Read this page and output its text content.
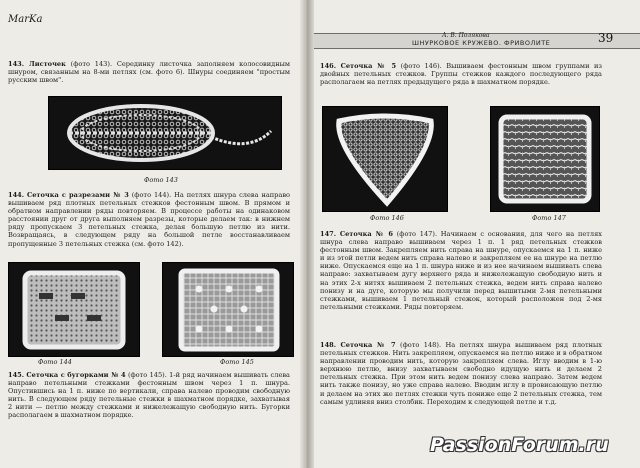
MarKa

143. Листочек (фото 143). Серединку листочка заполняем колосовидным шнуром, связанным на 8-ми петлях (см. фото 6). Шнуры соединяем "простым русским швом".

Фото 143

144. Сеточка с разрезами № 3 (фото 144). На петлях шнура слева направо вышиваем ряд плотных петельных стежков фестонным швом. В прямом и обратном направлении ряды повторяем. В процессе работы на одинаковом расстоянии друг от друга выполняем разрезы, которые делаем так: в нижнем ряду пропускаем 3 петельных стежка, делая большую петлю из нити. Возвращаясь, в следующем ряду на большой петле восстанавливаем пропущенные 3 петельных стежка (см. фото 142).

Фото 144	Фото 145

145. Сеточка с бугорками № 4 (фото 145). 1-й ряд начинаем вышивать слева направо петельными стежками фестонным швом через 1 п. шнура. Опустившись на 1 п. ниже по вертикали, справа налево проводим свободную нить. В следующем ряду петельные стежки в шахматном порядке, захватывая 2 нити — петлю между стежками и нижележащую свободную нить. Бугорки располагаем в шахматном порядке.

А. В. Полякова
ШНУРКОВОЕ КРУЖЕВО. ФРИВОЛИТЕ	39

146. Сеточка № 5 (фото 146). Вышиваем фестонным швом группами из двойных петельных стежков. Группы стежков каждого последующего ряда располагаем на петлях предыдущего ряда в шахматном порядке.

Фото 146	Фото 147

147. Сеточка № 6 (фото 147). Начинаем с основания, для чего на петлях шнура слева направо вышиваем через 1 п. 1 ряд петельных стежков фестонным швом. Закрепляем нить справа на шнуре, опускаемся на 1 п. ниже и из этой петли ведем нить справа налево и закрепляем ее на шнуре на петлю ниже. Опускаемся еще на 1 п. шнура ниже и из нее начинаем вышивать слева направо: захватываем дугу верхнего ряда и нижележащую свободную нить и на этих 2-х нитях вышиваем 2 петельных стежка, ведем нить справа налево понизу и на дуге, которую мы получили перед вышитыми 2-мя петельными стежками, вышиваем 1 петельный стежок, который расположен под 2-мя петельными стежками. Ряды повторяем.

148. Сеточка № 7 (фото 148). На петлях шнура вышиваем ряд плотных петельных стежков. Нить закрепляем, опускаемся на петлю ниже и в обратном направлении проводим нить, которую закрепляем слева. Иглу вводим в 1-ю верхнюю петлю, внизу захватываем свободно идущую нить и делаем 2 петельных стежка. При этом нить ведем понизу слева направо. Затем ведем нить также понизу, но уже справа налево. Вводим иглу в провисающую петлю и делаем на этих же петлях стежки чуть пониже еще 2 петельных стежка, тем самым удлиняя вниз столбик. Переходим к следующей петле и т.д.

PassionForum.ru
